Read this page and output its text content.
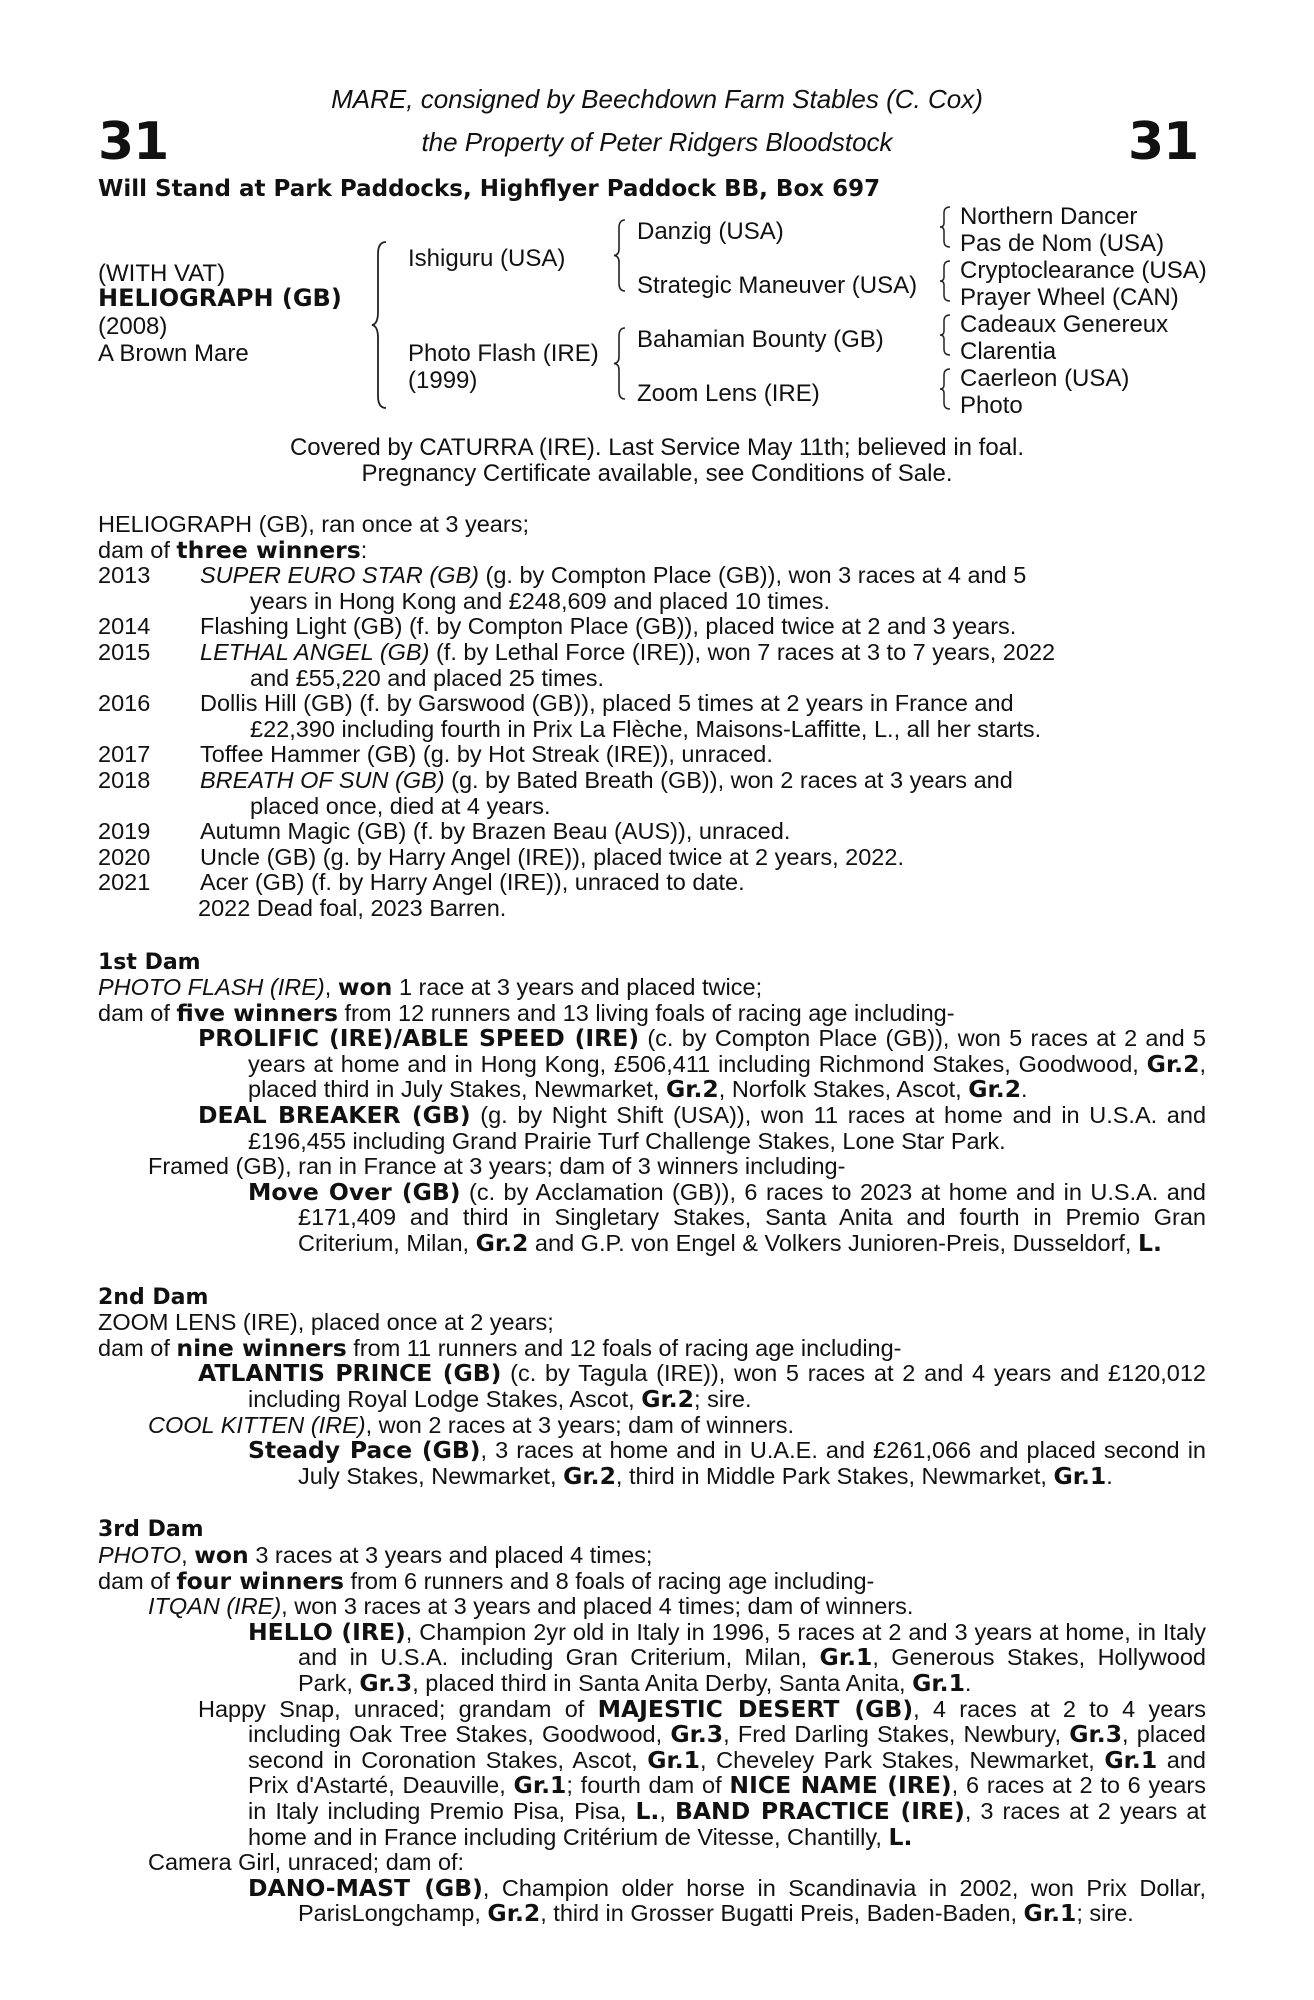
31	31
MARE, consigned by Beechdown Farm Stables (C. Cox)
the Property of Peter Ridgers Bloodstock
Will Stand at Park Paddocks, Highflyer Paddock BB, Box 697
(WITH VAT)
HELIOGRAPH (GB)
(2008)
A Brown Mare
Ishiguru (USA)
Photo Flash (IRE)
(1999)
Danzig (USA)
Strategic Maneuver (USA)
Bahamian Bounty (GB)
Zoom Lens (IRE)
Northern Dancer
Pas de Nom (USA)
Cryptoclearance (USA)
Prayer Wheel (CAN)
Cadeaux Genereux
Clarentia
Caerleon (USA)
Photo
Covered by CATURRA (IRE). Last Service May 11th; believed in foal.
Pregnancy Certificate available, see Conditions of Sale.

HELIOGRAPH (GB), ran once at 3 years;

dam of three winners:

2013 SUPER EURO STAR (GB) (g. by Compton Place (GB)), won 3 races at 4 and 5
years in Hong Kong and £248,609 and placed 10 times.
2014 Flashing Light (GB) (f. by Compton Place (GB)), placed twice at 2 and 3 years.
2015 LETHAL ANGEL (GB) (f. by Lethal Force (IRE)), won 7 races at 3 to 7 years, 2022
and £55,220 and placed 25 times.
2016 Dollis Hill (GB) (f. by Garswood (GB)), placed 5 times at 2 years in France and
£22,390 including fourth in Prix La Flèche, Maisons-Laffitte, L., all her starts.
2017 Toffee Hammer (GB) (g. by Hot Streak (IRE)), unraced.
2018 BREATH OF SUN (GB) (g. by Bated Breath (GB)), won 2 races at 3 years and
placed once, died at 4 years.
2019 Autumn Magic (GB) (f. by Brazen Beau (AUS)), unraced.
2020 Uncle (GB) (g. by Harry Angel (IRE)), placed twice at 2 years, 2022.
2021 Acer (GB) (f. by Harry Angel (IRE)), unraced to date.

2022 Dead foal, 2023 Barren.

1st Dam

PHOTO FLASH (IRE), won 1 race at 3 years and placed twice;

dam of five winners from 12 runners and 13 living foals of racing age including-

PROLIFIC (IRE)/ABLE SPEED (IRE) (c. by Compton Place (GB)), won 5 races at 2 and 5 years at home and in Hong Kong, £506,411 including Richmond Stakes, Goodwood, Gr.2, placed third in July Stakes, Newmarket, Gr.2, Norfolk Stakes, Ascot, Gr.2.

DEAL BREAKER (GB) (g. by Night Shift (USA)), won 11 races at home and in U.S.A. and £196,455 including Grand Prairie Turf Challenge Stakes, Lone Star Park.

Framed (GB), ran in France at 3 years; dam of 3 winners including-

Move Over (GB) (c. by Acclamation (GB)), 6 races to 2023 at home and in U.S.A. and £171,409 and third in Singletary Stakes, Santa Anita and fourth in Premio Gran Criterium, Milan, Gr.2 and G.P. von Engel & Volkers Junioren-Preis, Dusseldorf, L.

2nd Dam

ZOOM LENS (IRE), placed once at 2 years;

dam of nine winners from 11 runners and 12 foals of racing age including-

ATLANTIS PRINCE (GB) (c. by Tagula (IRE)), won 5 races at 2 and 4 years and £120,012 including Royal Lodge Stakes, Ascot, Gr.2; sire.

COOL KITTEN (IRE), won 2 races at 3 years; dam of winners.

Steady Pace (GB), 3 races at home and in U.A.E. and £261,066 and placed second in July Stakes, Newmarket, Gr.2, third in Middle Park Stakes, Newmarket, Gr.1.

3rd Dam

PHOTO, won 3 races at 3 years and placed 4 times;

dam of four winners from 6 runners and 8 foals of racing age including-

ITQAN (IRE), won 3 races at 3 years and placed 4 times; dam of winners.

HELLO (IRE), Champion 2yr old in Italy in 1996, 5 races at 2 and 3 years at home, in Italy and in U.S.A. including Gran Criterium, Milan, Gr.1, Generous Stakes, Hollywood Park, Gr.3, placed third in Santa Anita Derby, Santa Anita, Gr.1.

Happy Snap, unraced; grandam of MAJESTIC DESERT (GB), 4 races at 2 to 4 years including Oak Tree Stakes, Goodwood, Gr.3, Fred Darling Stakes, Newbury, Gr.3, placed second in Coronation Stakes, Ascot, Gr.1, Cheveley Park Stakes, Newmarket, Gr.1 and Prix d'Astarté, Deauville, Gr.1; fourth dam of NICE NAME (IRE), 6 races at 2 to 6 years in Italy including Premio Pisa, Pisa, L., BAND PRACTICE (IRE), 3 races at 2 years at home and in France including Critérium de Vitesse, Chantilly, L.

Camera Girl, unraced; dam of:

DANO-MAST (GB), Champion older horse in Scandinavia in 2002, won Prix Dollar, ParisLongchamp, Gr.2, third in Grosser Bugatti Preis, Baden-Baden, Gr.1; sire.
